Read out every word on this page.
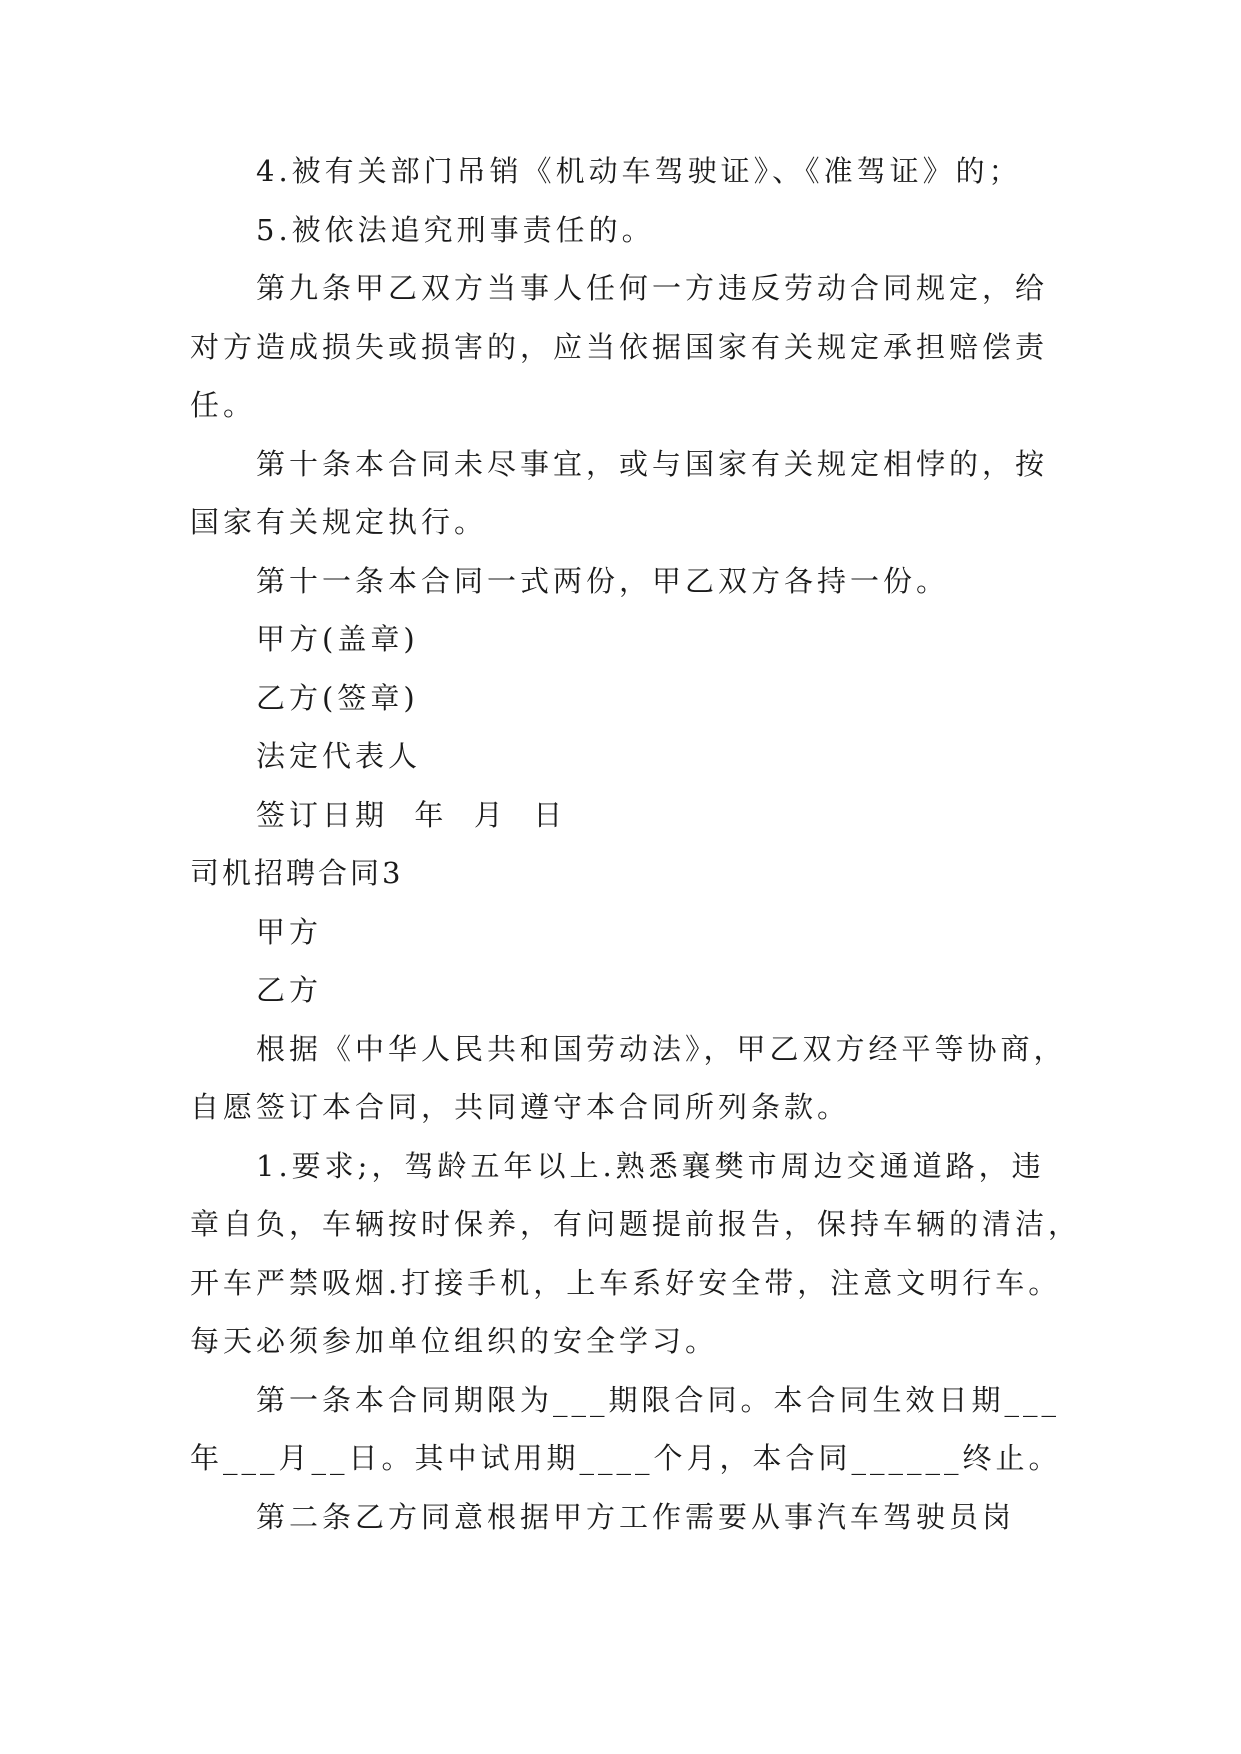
4.被有关部门吊销《机动车驾驶证》、《准驾证》的；
5.被依法追究刑事责任的。
第九条甲乙双方当事人任何一方违反劳动合同规定，给
对方造成损失或损害的，应当依据国家有关规定承担赔偿责
任。
第十条本合同未尽事宜，或与国家有关规定相悖的，按
国家有关规定执行。
第十一条本合同一式两份，甲乙双方各持一份。
甲方(盖章)
乙方(签章)
法定代表人
签订日期  年  月  日
司机招聘合同3
甲方
乙方
根据《中华人民共和国劳动法》，甲乙双方经平等协商，
自愿签订本合同，共同遵守本合同所列条款。
1.要求;，驾龄五年以上.熟悉襄樊市周边交通道路，违
章自负，车辆按时保养，有问题提前报告，保持车辆的清洁，
开车严禁吸烟.打接手机，上车系好安全带，注意文明行车。
每天必须参加单位组织的安全学习。
第一条本合同期限为___期限合同。本合同生效日期___
年___月__日。其中试用期____个月，本合同______终止。
第二条乙方同意根据甲方工作需要从事汽车驾驶员岗
